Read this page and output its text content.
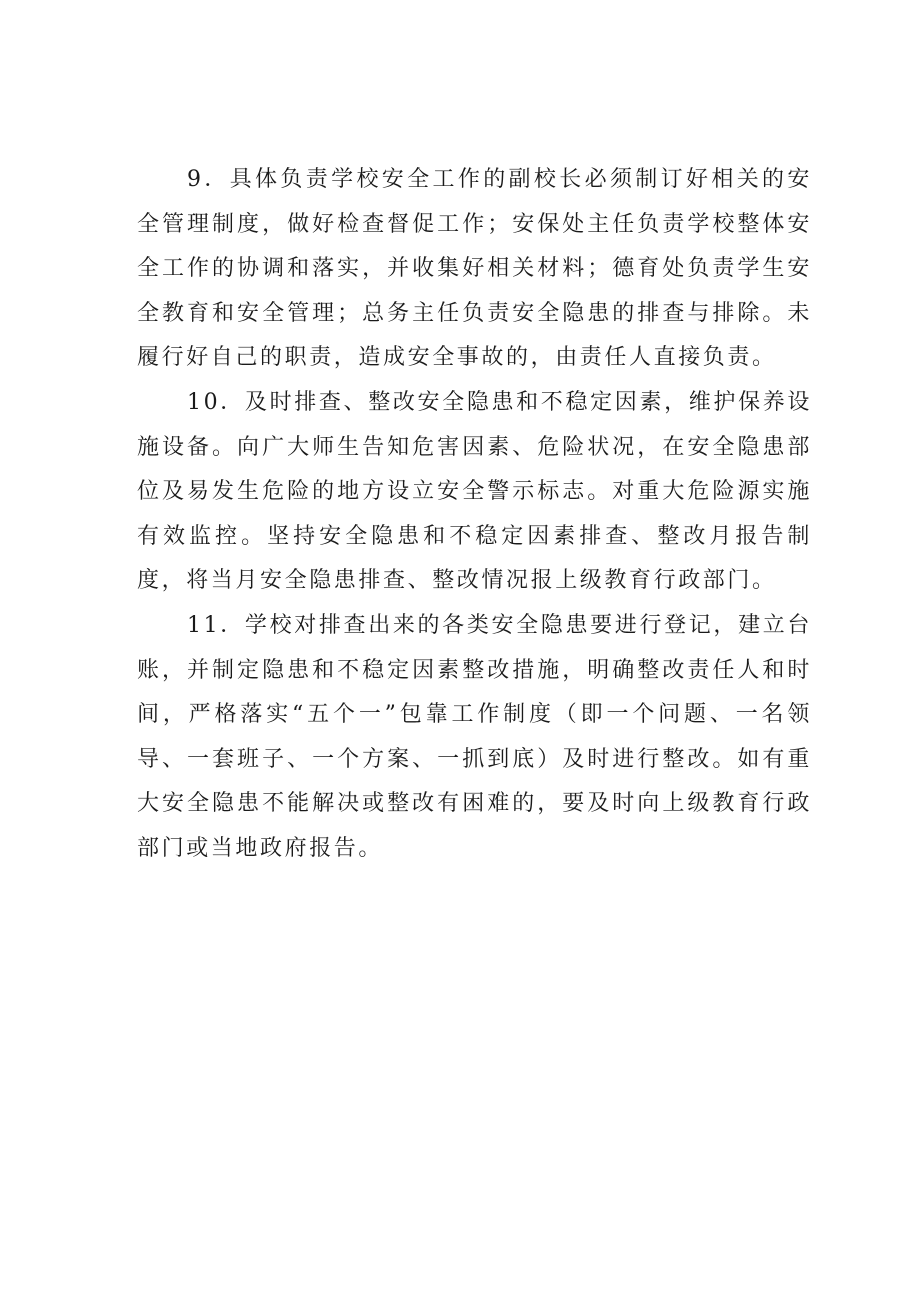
9．具体负责学校安全工作的副校长必须制订好相关的安全管理制度，做好检查督促工作；安保处主任负责学校整体安全工作的协调和落实，并收集好相关材料；德育处负责学生安全教育和安全管理；总务主任负责安全隐患的排查与排除。未履行好自己的职责，造成安全事故的，由责任人直接负责。

10．及时排查、整改安全隐患和不稳定因素，维护保养设施设备。向广大师生告知危害因素、危险状况，在安全隐患部位及易发生危险的地方设立安全警示标志。对重大危险源实施有效监控。坚持安全隐患和不稳定因素排查、整改月报告制度，将当月安全隐患排查、整改情况报上级教育行政部门。

11．学校对排查出来的各类安全隐患要进行登记，建立台账，并制定隐患和不稳定因素整改措施，明确整改责任人和时间，严格落实“五个一”包靠工作制度（即一个问题、一名领导、一套班子、一个方案、一抓到底）及时进行整改。如有重大安全隐患不能解决或整改有困难的，要及时向上级教育行政部门或当地政府报告。
